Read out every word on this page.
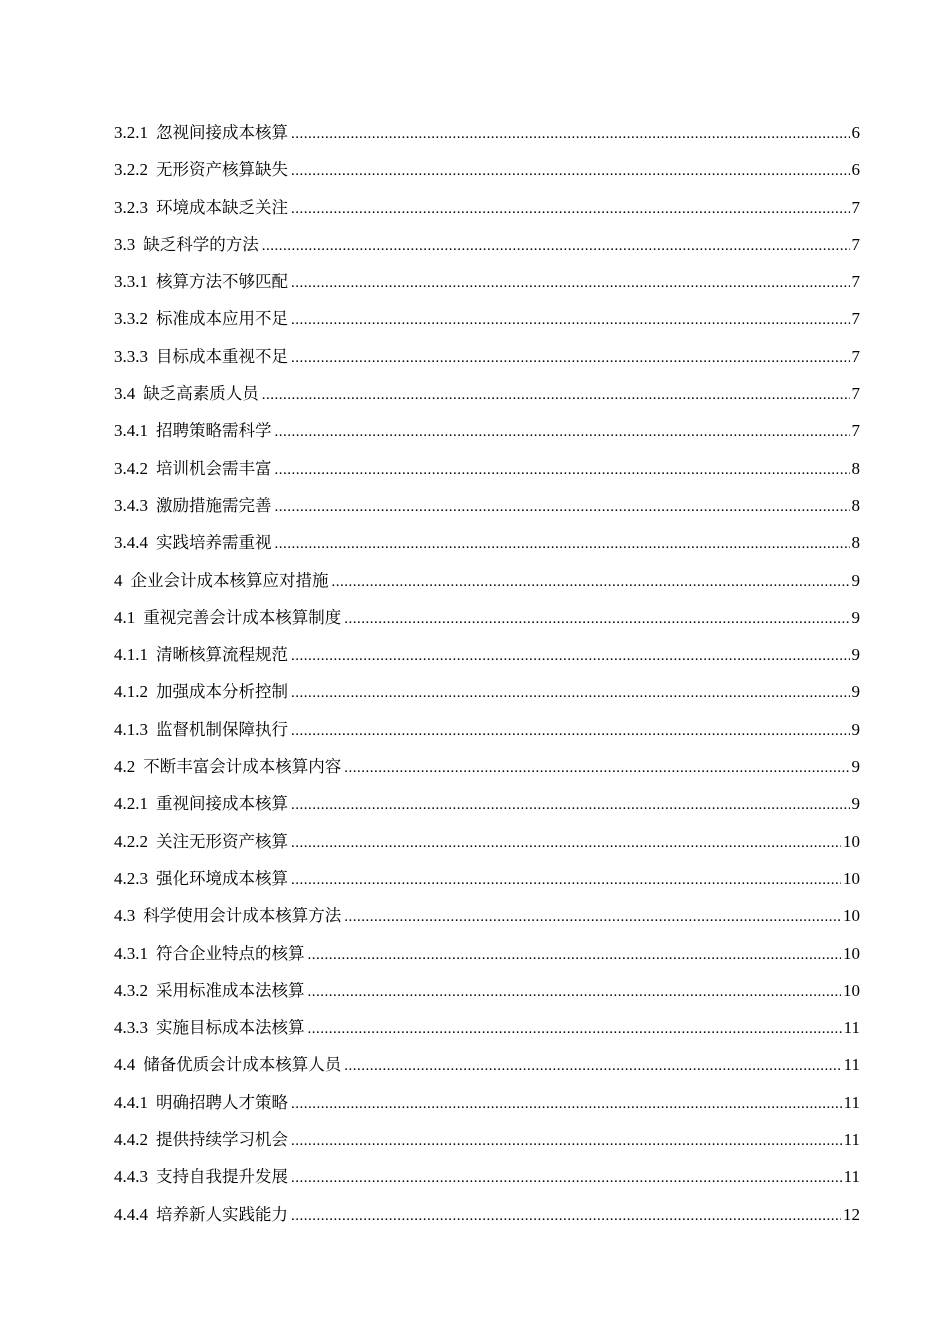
3.2.1 忽视间接成本核算 .....	6
3.2.2 无形资产核算缺失 .....	6
3.2.3 环境成本缺乏关注 .....	7
3.3 缺乏科学的方法 .....	7
3.3.1 核算方法不够匹配 .....	7
3.3.2 标准成本应用不足 .....	7
3.3.3 目标成本重视不足 .....	7
3.4 缺乏高素质人员 .....	7
3.4.1 招聘策略需科学 .....	7
3.4.2 培训机会需丰富 .....	8
3.4.3 激励措施需完善 .....	8
3.4.4 实践培养需重视 .....	8
4 企业会计成本核算应对措施 .....	9
4.1 重视完善会计成本核算制度 .....	9
4.1.1 清晰核算流程规范 .....	9
4.1.2 加强成本分析控制 .....	9
4.1.3 监督机制保障执行 .....	9
4.2 不断丰富会计成本核算内容 .....	9
4.2.1 重视间接成本核算 .....	9
4.2.2 关注无形资产核算 .....	10
4.2.3 强化环境成本核算 .....	10
4.3 科学使用会计成本核算方法 .....	10
4.3.1 符合企业特点的核算 .....	10
4.3.2 采用标准成本法核算 .....	10
4.3.3 实施目标成本法核算 .....	11
4.4 储备优质会计成本核算人员 .....	11
4.4.1 明确招聘人才策略 .....	11
4.4.2 提供持续学习机会 .....	11
4.4.3 支持自我提升发展 .....	11
4.4.4 培养新人实践能力 .....	12
